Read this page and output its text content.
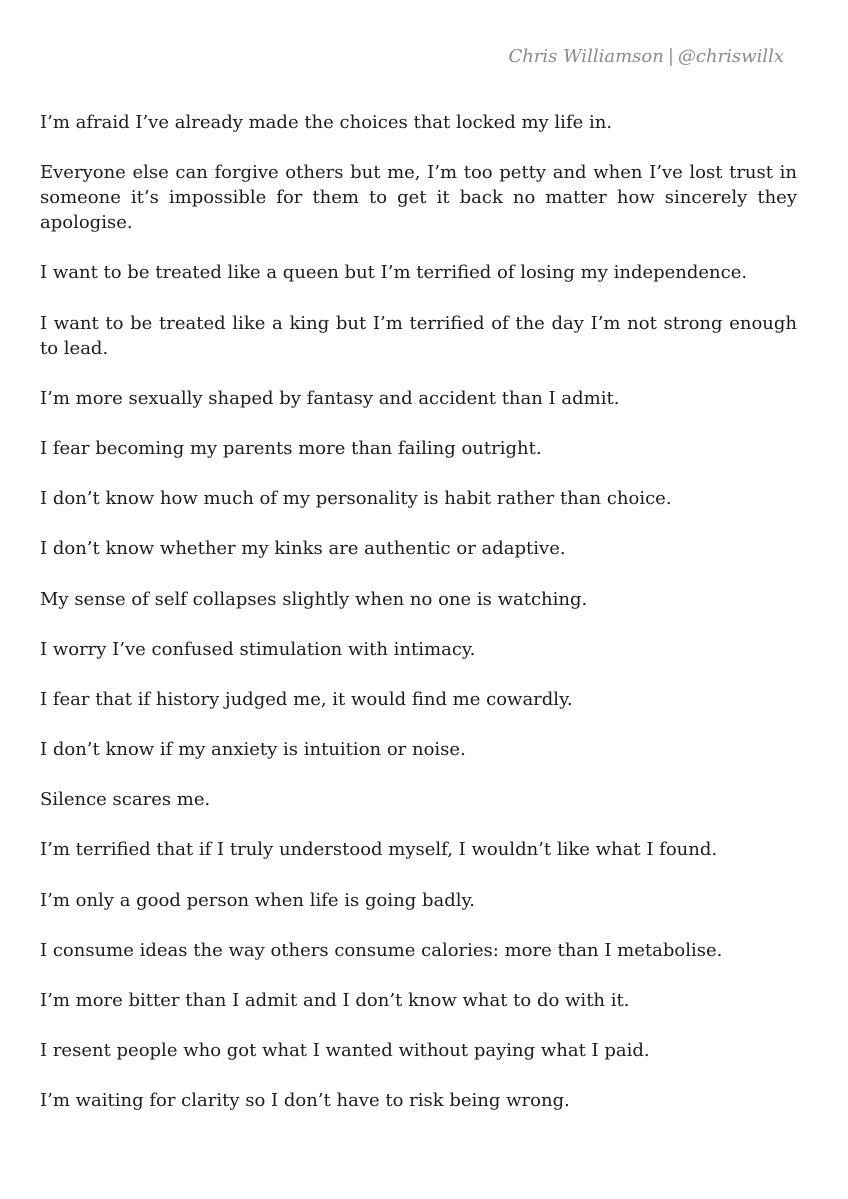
Chris Williamson | @chriswillx

I’m afraid I’ve already made the choices that locked my life in.

Everyone else can forgive others but me, I’m too petty and when I’ve lost trust in someone it’s impossible for them to get it back no matter how sincerely they apologise.

I want to be treated like a queen but I’m terrified of losing my independence.

I want to be treated like a king but I’m terrified of the day I’m not strong enough to lead.

I’m more sexually shaped by fantasy and accident than I admit.

I fear becoming my parents more than failing outright.

I don’t know how much of my personality is habit rather than choice.

I don’t know whether my kinks are authentic or adaptive.

My sense of self collapses slightly when no one is watching.

I worry I’ve confused stimulation with intimacy.

I fear that if history judged me, it would find me cowardly.

I don’t know if my anxiety is intuition or noise.

Silence scares me.

I’m terrified that if I truly understood myself, I wouldn’t like what I found.

I’m only a good person when life is going badly.

I consume ideas the way others consume calories: more than I metabolise.

I’m more bitter than I admit and I don’t know what to do with it.

I resent people who got what I wanted without paying what I paid.

I’m waiting for clarity so I don’t have to risk being wrong.
